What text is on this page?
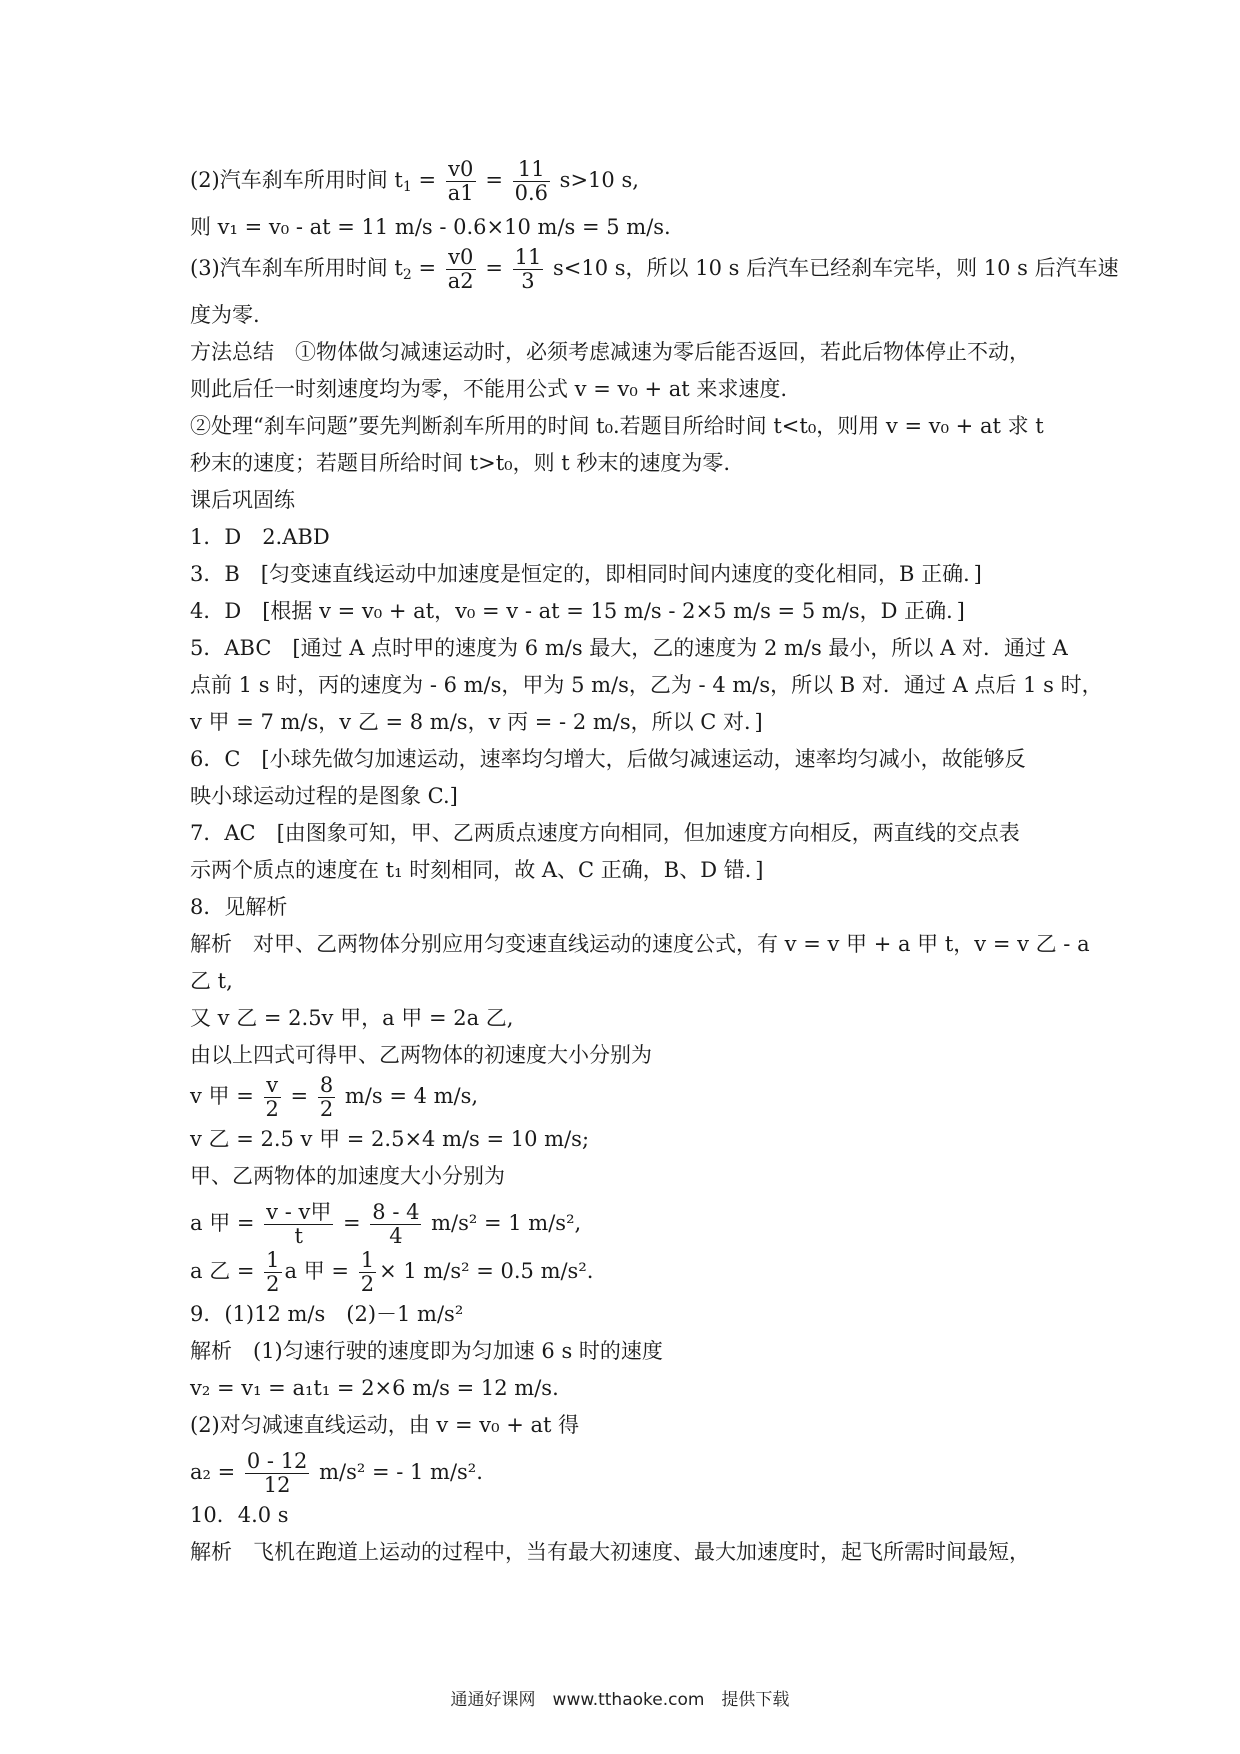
(2)汽车刹车所用时间 $t_1 = \frac{v0}{a1} = \frac{11}{0.6} s>10$ s,
则 v₁ = v₀ - at = 11 m/s - 0.6×10 m/s = 5 m/s.
(3)汽车刹车所用时间 $t_2 = \frac{v0}{a2} = \frac{11}{3} s<10$ s，所以 10 s 后汽车已经刹车完毕，则 10 s 后汽车速
度为零.
方法总结　①物体做匀减速运动时，必须考虑减速为零后能否返回，若此后物体停止不动，
则此后任一时刻速度均为零，不能用公式 v = v₀ + at 来求速度.
②处理“刹车问题”要先判断刹车所用的时间 t₀.若题目所给时间 t<t₀，则用 v = v₀ + at 求 t
秒末的速度；若题目所给时间 t>t₀，则 t 秒末的速度为零.
课后巩固练
1．D　2.ABD
3．B　[匀变速直线运动中加速度是恒定的，即相同时间内速度的变化相同，B 正确．]
4．D　[根据 v = v₀ + at，v₀ = v - at = 15 m/s - 2×5 m/s = 5 m/s，D 正确．]
5．ABC　[通过 A 点时甲的速度为 6 m/s 最大，乙的速度为 2 m/s 最小，所以 A 对．通过 A
点前 1 s 时，丙的速度为 - 6 m/s，甲为 5 m/s，乙为 - 4 m/s，所以 B 对．通过 A 点后 1 s 时，
v 甲 = 7 m/s，v 乙 = 8 m/s，v 丙 = - 2 m/s，所以 C 对．]
6．C　[小球先做匀加速运动，速率均匀增大，后做匀减速运动，速率均匀减小，故能够反
映小球运动过程的是图象 C.]
7．AC　[由图象可知，甲、乙两质点速度方向相同，但加速度方向相反，两直线的交点表
示两个质点的速度在 t₁ 时刻相同，故 A、C 正确，B、D 错．]
8．见解析
解析　对甲、乙两物体分别应用匀变速直线运动的速度公式，有 v = v 甲 + a 甲 t，v = v 乙 - a
乙 t,
又 v 乙 = 2.5v 甲，a 甲 = 2a 乙,
由以上四式可得甲、乙两物体的初速度大小分别为
v 甲 = $\frac{v}{2} = \frac{8}{2} m/s = 4$ m/s,
v 乙 = 2.5 v 甲 = 2.5×4 m/s = 10 m/s;
甲、乙两物体的加速度大小分别为
a 甲 = $\frac{\text{v - v甲}}{t} = \frac{8 - 4}{4} m/s^2 = 1$ m/s²,
a 乙 = $\frac{1}{2}$ a 甲 = $\frac{1}{2} \times 1$ m/s² = 0.5 m/s².
9．(1)12 m/s　(2)－1 m/s²
解析　(1)匀速行驶的速度即为匀加速 6 s 时的速度
v₂ = v₁ = a₁t₁ = 2×6 m/s = 12 m/s.
(2)对匀减速直线运动，由 v = v₀ + at 得
$a_2 = \frac{0 - 12}{12} m/s^2$ = - 1 m/s².
10．4.0 s
解析　飞机在跑道上运动的过程中，当有最大初速度、最大加速度时，起飞所需时间最短，
通通好课网　www.tthaoke.com　提供下载
